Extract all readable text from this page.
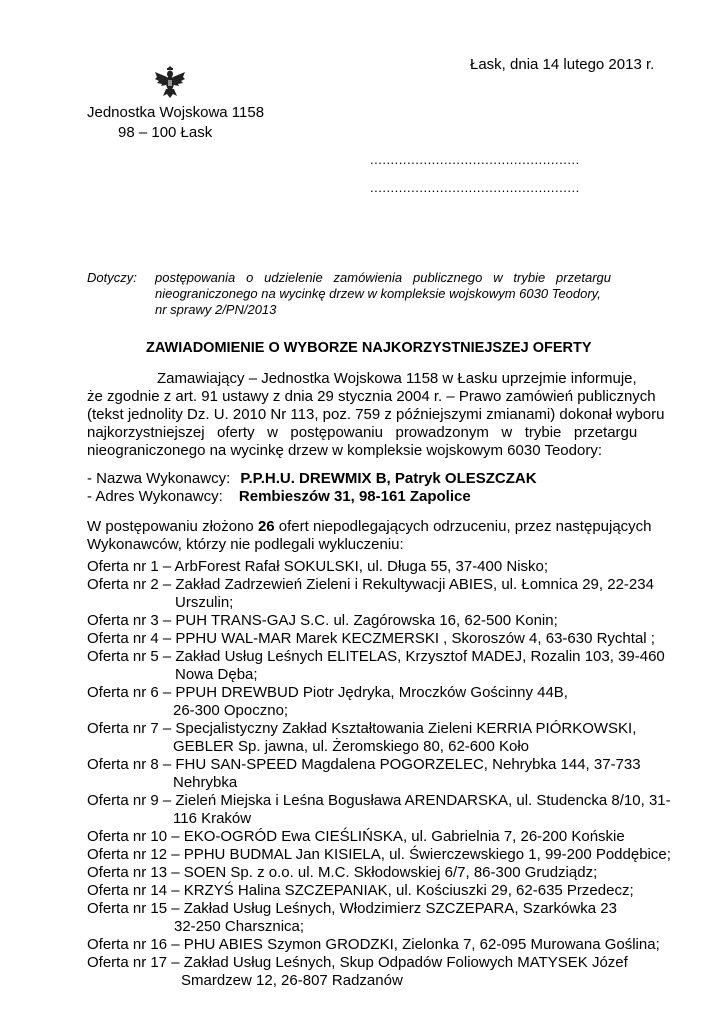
Łask, dnia 14 lutego 2013 r.
Jednostka Wojskowa 1158
98 – 100 Łask
...................................................
...................................................
Dotyczy: postępowania   o   udzielenie   zamówienia   publicznego   w   trybie   przetargu
nieograniczonego na wycinkę drzew w kompleksie wojskowym 6030 Teodory,
nr sprawy 2/PN/2013
ZAWIADOMIENIE O WYBORZE NAJKORZYSTNIEJSZEJ OFERTY
Zamawiający – Jednostka Wojskowa 1158 w Łasku uprzejmie informuje,
że zgodnie z art. 91 ustawy z dnia 29 stycznia 2004 r. – Prawo zamówień publicznych
(tekst jednolity Dz. U. 2010 Nr 113, poz. 759 z późniejszymi zmianami) dokonał wyboru
najkorzystniejszej   oferty   w   postępowaniu   prowadzonym   w   trybie   przetargu
nieograniczonego na wycinkę drzew w kompleksie wojskowym 6030 Teodory:
- Nazwa Wykonawcy: P.P.H.U. DREWMIX B, Patryk OLESZCZAK
- Adres Wykonawcy: Rembieszów 31, 98-161 Zapolice
W postępowaniu złożono 26 ofert niepodlegających odrzuceniu, przez następujących
Wykonawców, którzy nie podlegali wykluczeniu:
Oferta nr 1 – ArbForest Rafał SOKULSKI, ul. Długa 55, 37-400 Nisko;
Oferta nr 2 – Zakład Zadrzewień Zieleni i Rekultywacji ABIES, ul. Łomnica 29, 22-234
Urszulin;
Oferta nr 3 – PUH TRANS-GAJ S.C. ul. Zagórowska 16, 62-500 Konin;
Oferta nr 4 – PPHU WAL-MAR Marek KECZMERSKI , Skoroszów 4, 63-630 Rychtal ;
Oferta nr 5 – Zakład Usług Leśnych ELITELAS, Krzysztof MADEJ, Rozalin 103, 39-460
Nowa Dęba;
Oferta nr 6 – PPUH DREWBUD Piotr Jędryka, Mroczków Gościnny 44B,
26-300 Opoczno;
Oferta nr 7 – Specjalistyczny Zakład Kształtowania Zieleni KERRIA PIÓRKOWSKI,
GEBLER Sp. jawna, ul. Żeromskiego 80, 62-600 Koło
Oferta nr 8 – FHU SAN-SPEED Magdalena POGORZELEC, Nehrybka 144, 37-733
Nehrybka
Oferta nr 9 – Zieleń Miejska i Leśna Bogusława ARENDARSKA, ul. Studencka 8/10, 31-
116 Kraków
Oferta nr 10 – EKO-OGRÓD Ewa CIEŚLIŃSKA, ul. Gabrielnia 7, 26-200 Końskie
Oferta nr 12 – PPHU BUDMAL Jan KISIELA, ul. Świerczewskiego 1, 99-200 Poddębice;
Oferta nr 13 – SOEN Sp. z o.o. ul. M.C. Skłodowskiej 6/7, 86-300 Grudziądz;
Oferta nr 14 – KRZYŚ Halina SZCZEPANIAK, ul. Kościuszki 29, 62-635 Przedecz;
Oferta nr 15 – Zakład Usług Leśnych, Włodzimierz SZCZEPARA, Szarkówka 23
32-250 Charsznica;
Oferta nr 16 – PHU ABIES Szymon GRODZKI, Zielonka 7, 62-095 Murowana Goślina;
Oferta nr 17 – Zakład Usług Leśnych, Skup Odpadów Foliowych MATYSEK Józef
Smardzew 12, 26-807 Radzanów
